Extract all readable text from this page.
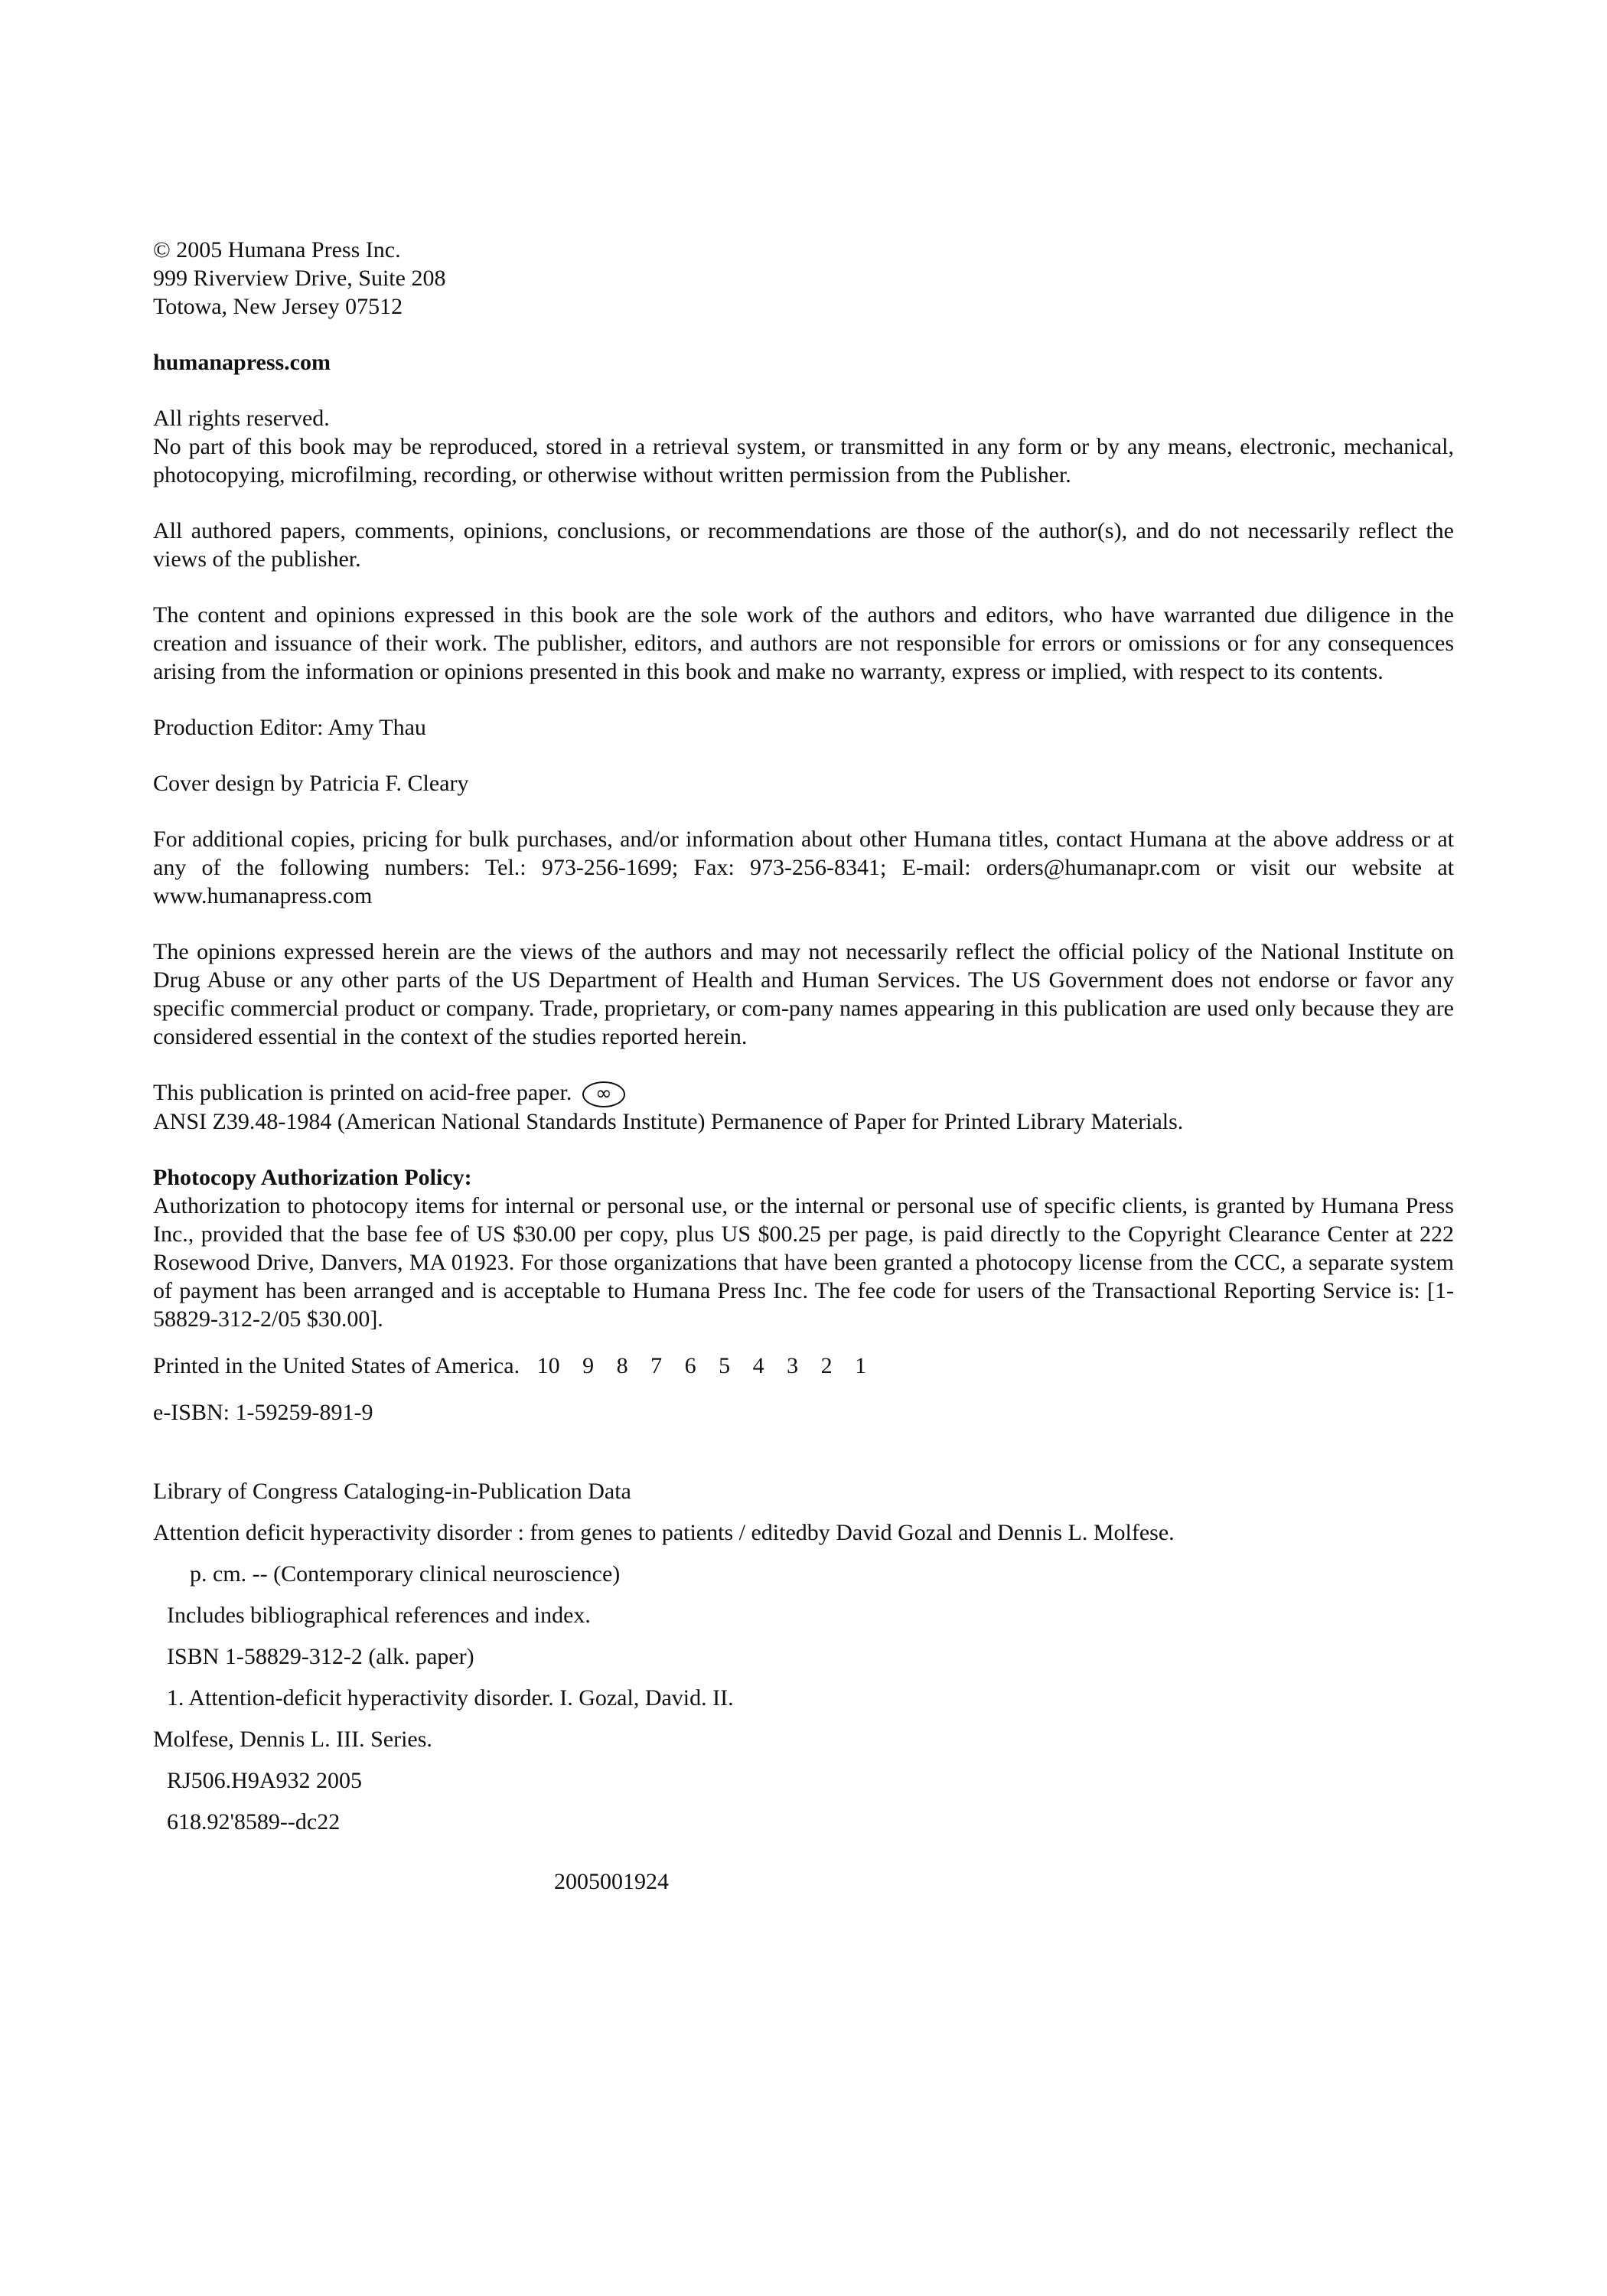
© 2005 Humana Press Inc.
999 Riverview Drive, Suite 208
Totowa, New Jersey 07512
humanapress.com
All rights reserved.
No part of this book may be reproduced, stored in a retrieval system, or transmitted in any form or by any means, electronic, mechanical, photocopying, microfilming, recording, or otherwise without written permission from the Publisher.
All authored papers, comments, opinions, conclusions, or recommendations are those of the author(s), and do not necessarily reflect the views of the publisher.
The content and opinions expressed in this book are the sole work of the authors and editors, who have warranted due diligence in the creation and issuance of their work. The publisher, editors, and authors are not responsible for errors or omissions or for any consequences arising from the information or opinions presented in this book and make no warranty, express or implied, with respect to its contents.
Production Editor: Amy Thau
Cover design by Patricia F. Cleary
For additional copies, pricing for bulk purchases, and/or information about other Humana titles, contact Humana at the above address or at any of the following numbers: Tel.: 973-256-1699; Fax: 973-256-8341; E-mail: orders@humanapr.com or visit our website at www.humanapress.com
The opinions expressed herein are the views of the authors and may not necessarily reflect the official policy of the National Institute on Drug Abuse or any other parts of the US Department of Health and Human Services. The US Government does not endorse or favor any specific commercial product or company. Trade, proprietary, or com-pany names appearing in this publication are used only because they are considered essential in the context of the studies reported herein.
This publication is printed on acid-free paper. ∞
ANSI Z39.48-1984 (American National Standards Institute) Permanence of Paper for Printed Library Materials.
Photocopy Authorization Policy:
Authorization to photocopy items for internal or personal use, or the internal or personal use of specific clients, is granted by Humana Press Inc., provided that the base fee of US $30.00 per copy, plus US $00.25 per page, is paid directly to the Copyright Clearance Center at 222 Rosewood Drive, Danvers, MA 01923. For those organizations that have been granted a photocopy license from the CCC, a separate system of payment has been arranged and is acceptable to Humana Press Inc. The fee code for users of the Transactional Reporting Service is: [1-58829-312-2/05 $30.00].
Printed in the United States of America. 10 9 8 7 6 5 4 3 2 1
e-ISBN: 1-59259-891-9
Library of Congress Cataloging-in-Publication Data
Attention deficit hyperactivity disorder : from genes to patients / editedby David Gozal and Dennis L. Molfese.
p. cm. -- (Contemporary clinical neuroscience)
Includes bibliographical references and index.
ISBN 1-58829-312-2 (alk. paper)
1. Attention-deficit hyperactivity disorder. I. Gozal, David. II.
Molfese, Dennis L. III. Series.
RJ506.H9A932 2005
618.92'8589--dc22
2005001924
